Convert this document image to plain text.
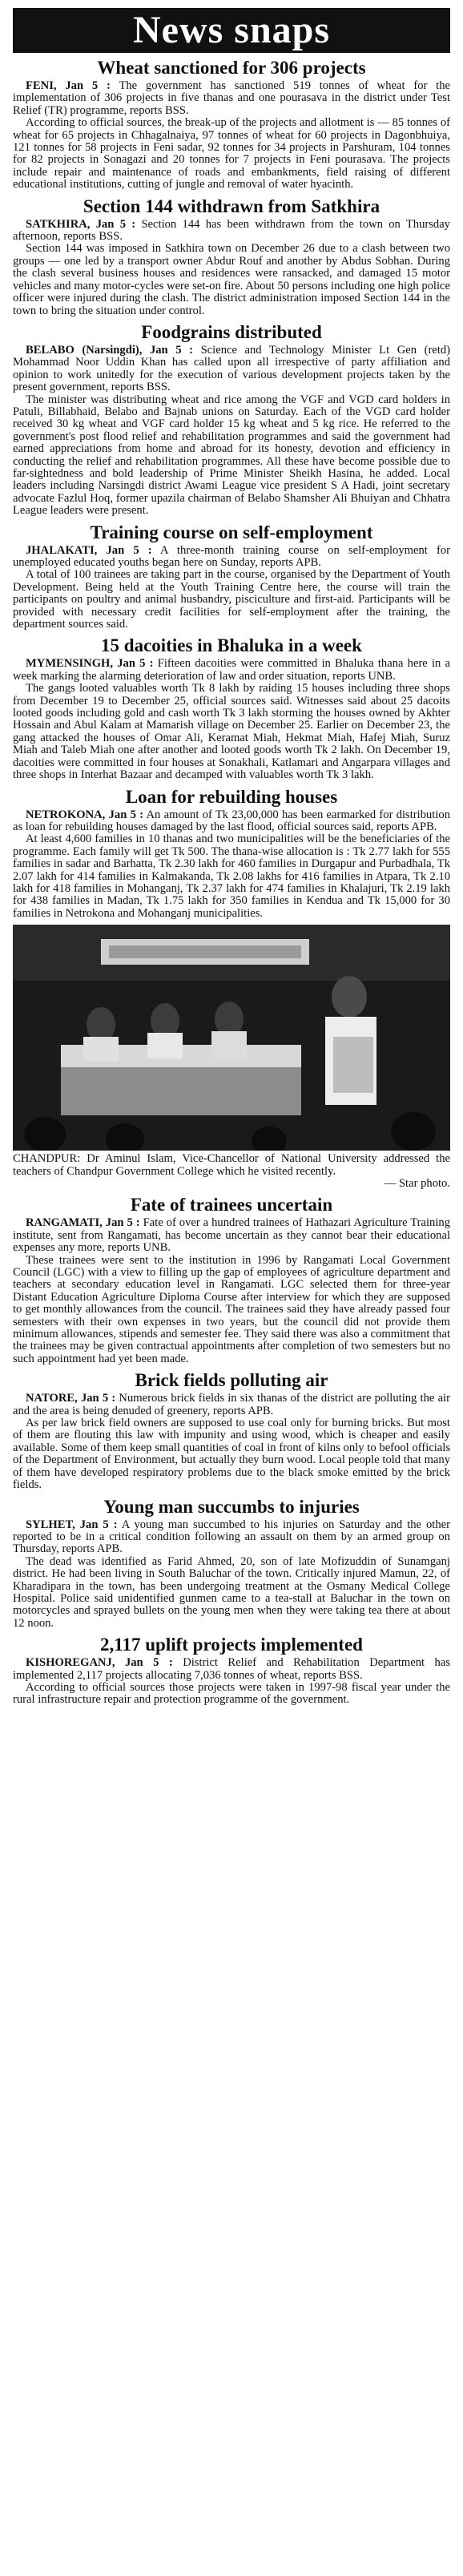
News snaps
Wheat sanctioned for 306 projects

FENI, Jan 5 : The government has sanctioned 519 tonnes of wheat for the implementation of 306 projects in five thanas and one pourasava in the district under Test Relief (TR) programme, reports BSS.

According to official sources, the break-up of the projects and allotment is — 85 tonnes of wheat for 65 projects in Chhagalnaiya, 97 tonnes of wheat for 60 projects in Dagonbhuiya, 121 tonnes for 58 projects in Feni sadar, 92 tonnes for 34 projects in Parshuram, 104 tonnes for 82 projects in Sonagazi and 20 tonnes for 7 projects in Feni pourasava. The projects include repair and maintenance of roads and embankments, field raising of different educational institutions, cutting of jungle and removal of water hyacinth.

Section 144 withdrawn from Satkhira

SATKHIRA, Jan 5 : Section 144 has been withdrawn from the town on Thursday afternoon, reports BSS.

Section 144 was imposed in Satkhira town on December 26 due to a clash between two groups — one led by a transport owner Abdur Rouf and another by Abdus Sobhan. During the clash several business houses and residences were ransacked, and damaged 15 motor vehicles and many motor-cycles were set-on fire. About 50 persons including one high police officer were injured during the clash. The district administration imposed Section 144 in the town to bring the situation under control.

Foodgrains distributed

BELABO (Narsingdi), Jan 5 : Science and Technology Minister Lt Gen (retd) Mohammad Noor Uddin Khan has called upon all irrespective of party affiliation and opinion to work unitedly for the execution of various development projects taken by the present government, reports BSS.

The minister was distributing wheat and rice among the VGF and VGD card holders in Patuli, Billabhaid, Belabo and Bajnab unions on Saturday. Each of the VGD card holder received 30 kg wheat and VGF card holder 15 kg wheat and 5 kg rice. He referred to the government's post flood relief and rehabilitation programmes and said the government had earned appreciations from home and abroad for its honesty, devotion and efficiency in conducting the relief and rehabilitation programmes. All these have become possible due to far-sightedness and bold leadership of Prime Minister Sheikh Hasina, he added. Local leaders including Narsingdi district Awami League vice president S A Hadi, joint secretary advocate Fazlul Hoq, former upazila chairman of Belabo Shamsher Ali Bhuiyan and Chhatra League leaders were present.

Training course on self-employment

JHALAKATI, Jan 5 : A three-month training course on self-employment for unemployed educated youths began here on Sunday, reports APB.

A total of 100 trainees are taking part in the course, organised by the Department of Youth Development. Being held at the Youth Training Centre here, the course will train the participants on poultry and animal husbandry, pisciculture and first-aid. Participants will be provided with necessary credit facilities for self-employment after the training, the department sources said.

15 dacoities in Bhaluka in a week

MYMENSINGH, Jan 5 : Fifteen dacoities were committed in Bhaluka thana here in a week marking the alarming deterioration of law and order situation, reports UNB.

The gangs looted valuables worth Tk 8 lakh by raiding 15 houses including three shops from December 19 to December 25, official sources said. Witnesses said about 25 dacoits looted goods including gold and cash worth Tk 3 lakh storming the houses owned by Akhter Hossain and Abul Kalam at Mamarish village on December 25. Earlier on December 23, the gang attacked the houses of Omar Ali, Keramat Miah, Hekmat Miah, Hafej Miah, Suruz Miah and Taleb Miah one after another and looted goods worth Tk 2 lakh. On December 19, dacoities were committed in four houses at Sonakhali, Katlamari and Angarpara villages and three shops in Interhat Bazaar and decamped with valuables worth Tk 3 lakh.

Loan for rebuilding houses

NETROKONA, Jan 5 : An amount of Tk 23,00,000 has been earmarked for distribution as loan for rebuilding houses damaged by the last flood, official sources said, reports APB.

At least 4,600 families in 10 thanas and two municipalities will be the beneficiaries of the programme. Each family will get Tk 500. The thana-wise allocation is : Tk 2.77 lakh for 555 families in sadar and Barhatta, Tk 2.30 lakh for 460 families in Durgapur and Purbadhala, Tk 2.07 lakh for 414 families in Kalmakanda, Tk 2.08 lakhs for 416 families in Atpara, Tk 2.10 lakh for 418 families in Mohanganj, Tk 2.37 lakh for 474 families in Khalajuri, Tk 2.19 lakh for 438 families in Madan, Tk 1.75 lakh for 350 families in Kendua and Tk 15,000 for 30 families in Netrokona and Mohanganj municipalities.

CHANDPUR: Dr Aminul Islam, Vice-Chancellor of National University addressed the teachers of Chandpur Government College which he visited recently.

— Star photo.

Fate of trainees uncertain

RANGAMATI, Jan 5 : Fate of over a hundred trainees of Hathazari Agriculture Training institute, sent from Rangamati, has become uncertain as they cannot bear their educational expenses any more, reports UNB.

These trainees were sent to the institution in 1996 by Rangamati Local Government Council (LGC) with a view to filling up the gap of employees of agriculture department and teachers at secondary education level in Rangamati. LGC selected them for three-year Distant Education Agriculture Diploma Course after interview for which they are supposed to get monthly allowances from the council. The trainees said they have already passed four semesters with their own expenses in two years, but the council did not provide them minimum allowances, stipends and semester fee. They said there was also a commitment that the trainees may be given contractual appointments after completion of two semesters but no such appointment had yet been made.

Brick fields polluting air

NATORE, Jan 5 : Numerous brick fields in six thanas of the district are polluting the air and the area is being denuded of greenery, reports APB.

As per law brick field owners are supposed to use coal only for burning bricks. But most of them are flouting this law with impunity and using wood, which is cheaper and easily available. Some of them keep small quantities of coal in front of kilns only to befool officials of the Department of Environment, but actually they burn wood. Local people told that many of them have developed respiratory problems due to the black smoke emitted by the brick fields.

Young man succumbs to injuries

SYLHET, Jan 5 : A young man succumbed to his injuries on Saturday and the other reported to be in a critical condition following an assault on them by an armed group on Thursday, reports APB.

The dead was identified as Farid Ahmed, 20, son of late Mofizuddin of Sunamganj district. He had been living in South Baluchar of the town. Critically injured Mamun, 22, of Kharadipara in the town, has been undergoing treatment at the Osmany Medical College Hospital. Police said unidentified gunmen came to a tea-stall at Baluchar in the town on motorcycles and sprayed bullets on the young men when they were taking tea there at about 12 noon.

2,117 uplift projects implemented

KISHOREGANJ, Jan 5 : District Relief and Rehabilitation Department has implemented 2,117 projects allocating 7,036 tonnes of wheat, reports BSS.

According to official sources those projects were taken in 1997-98 fiscal year under the rural infrastructure repair and protection programme of the government.
